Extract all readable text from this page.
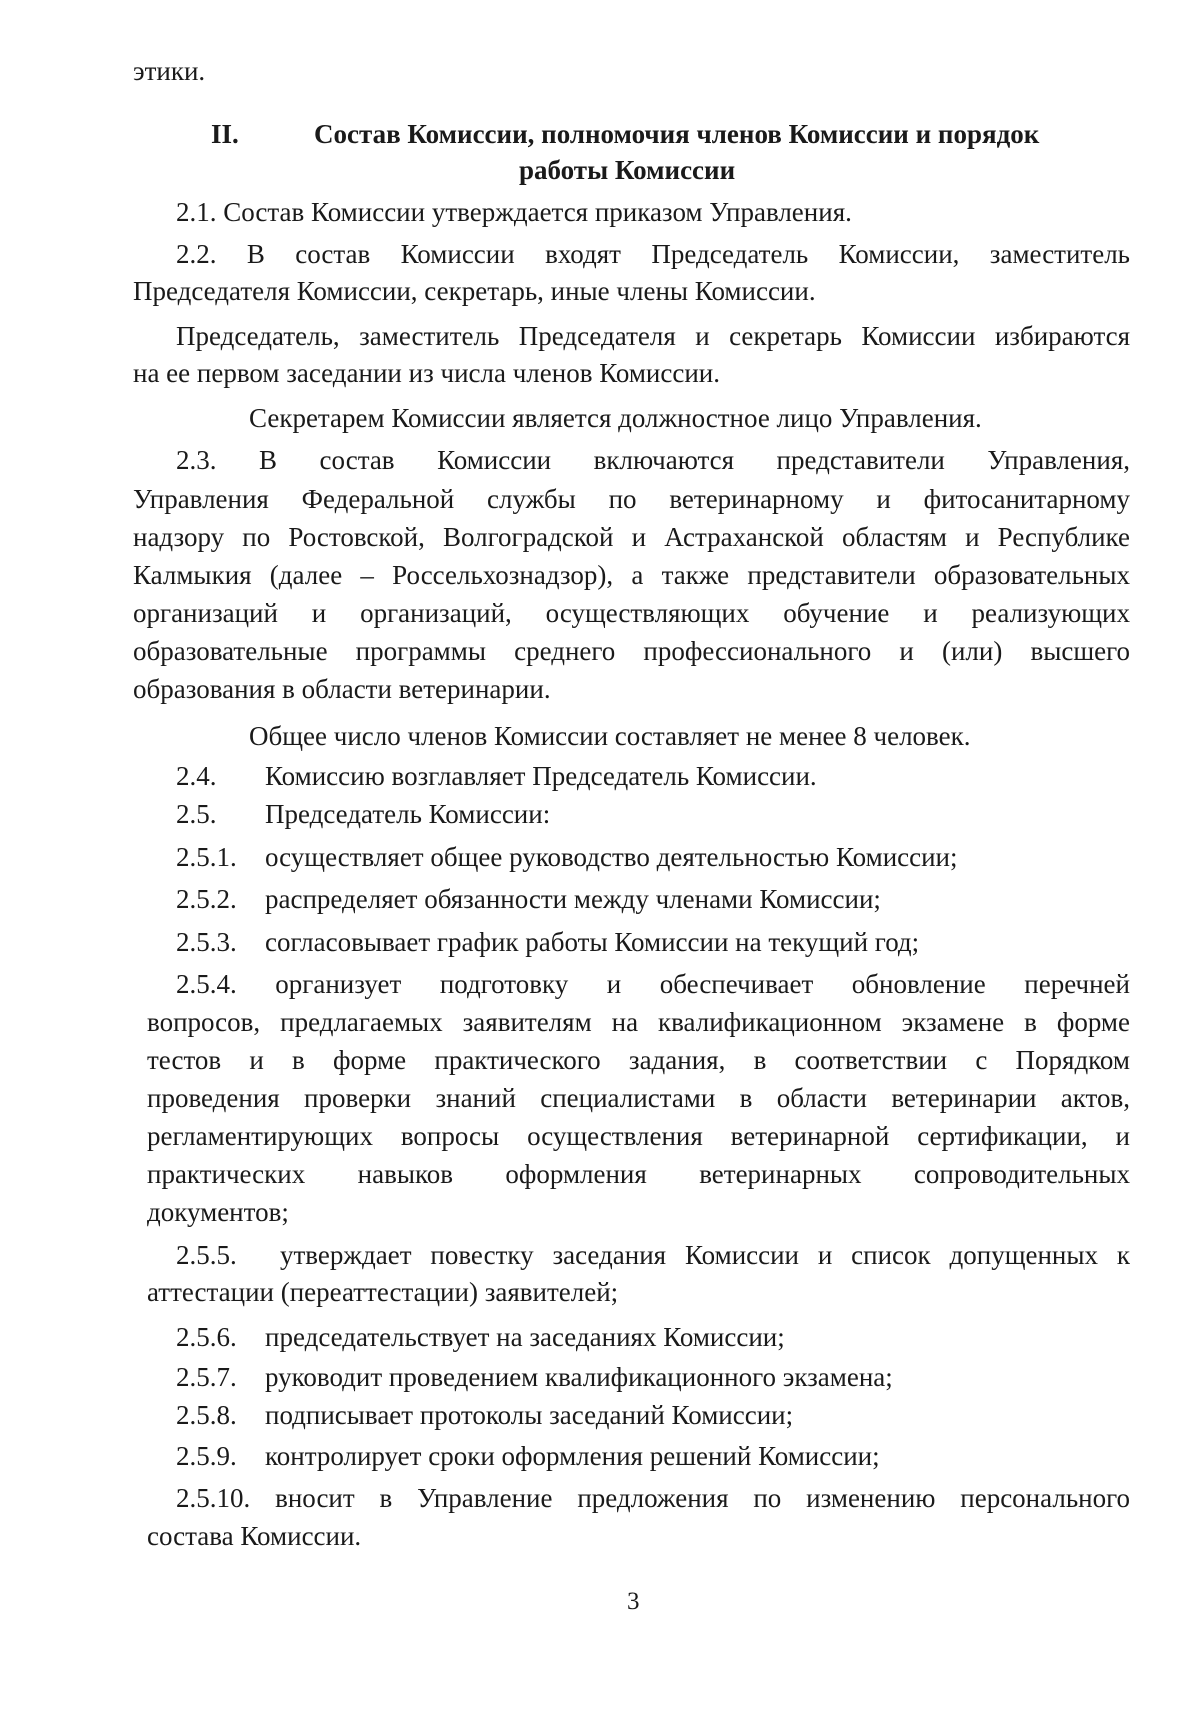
этики.
II.	Состав Комиссии, полномочия членов Комиссии и порядок
работы Комиссии
2.1. Состав Комиссии утверждается приказом Управления.
2.2. В состав Комиссии входят Председатель Комиссии, заместитель
Председателя Комиссии, секретарь, иные члены Комиссии.
Председатель, заместитель Председателя и секретарь Комиссии избираются
на ее первом заседании из числа членов Комиссии.
Секретарем Комиссии является должностное лицо Управления.
2.3. В состав Комиссии включаются представители Управления,
Управления Федеральной службы по ветеринарному и фитосанитарному
надзору по Ростовской, Волгоградской и Астраханской областям и Республике
Калмыкия (далее – Россельхознадзор), а также представители образовательных
организаций и организаций, осуществляющих обучение и реализующих
образовательные программы среднего профессионального и (или) высшего
образования в области ветеринарии.
Общее число членов Комиссии составляет не менее 8 человек.
2.4. Комиссию возглавляет Председатель Комиссии.
2.5. Председатель Комиссии:
2.5.1. осуществляет общее руководство деятельностью Комиссии;
2.5.2. распределяет обязанности между членами Комиссии;
2.5.3. согласовывает график работы Комиссии на текущий год;
2.5.4. организует подготовку и обеспечивает обновление перечней
вопросов, предлагаемых заявителям на квалификационном экзамене в форме
тестов и в форме практического задания, в соответствии с Порядком
проведения проверки знаний специалистами в области ветеринарии актов,
регламентирующих вопросы осуществления ветеринарной сертификации, и
практических навыков оформления ветеринарных сопроводительных
документов;
2.5.5. утверждает повестку заседания Комиссии и список допущенных к
аттестации (переаттестации) заявителей;
2.5.6. председательствует на заседаниях Комиссии;
2.5.7. руководит проведением квалификационного экзамена;
2.5.8. подписывает протоколы заседаний Комиссии;
2.5.9. контролирует сроки оформления решений Комиссии;
2.5.10. вносит в Управление предложения по изменению персонального
состава Комиссии.
3
